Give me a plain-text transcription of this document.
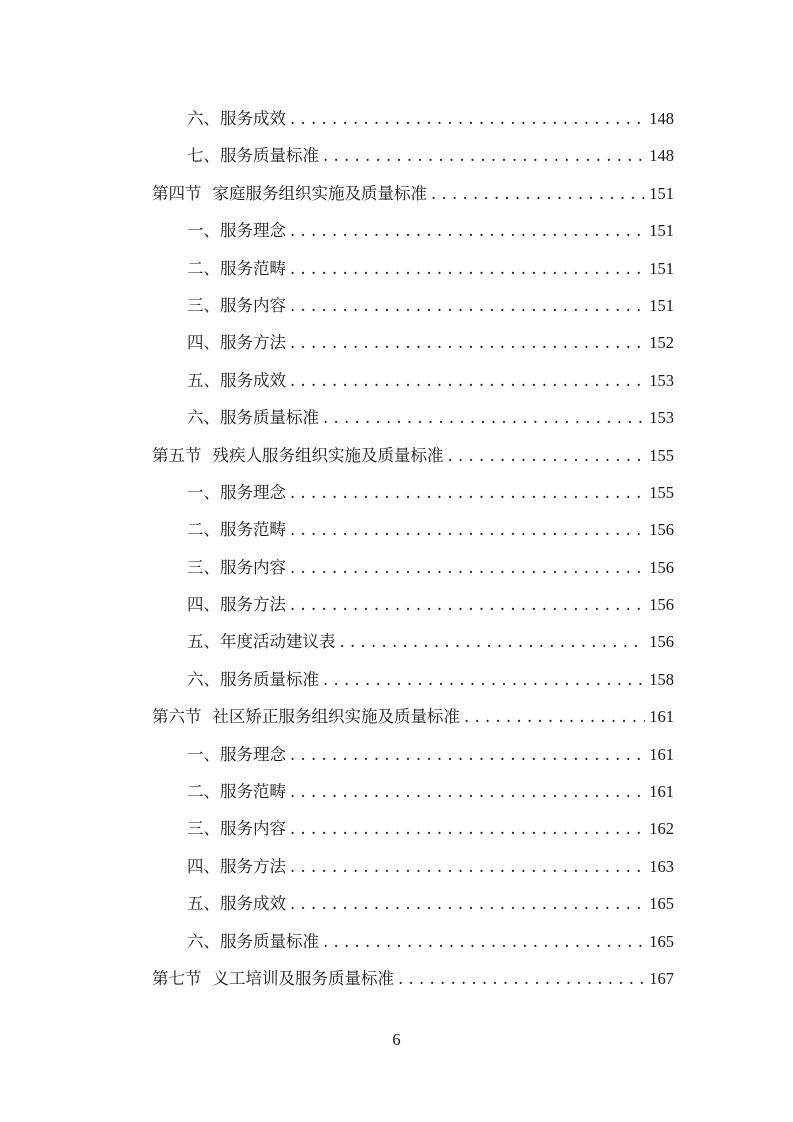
六、服务成效 . . .	148
七、服务质量标准 . . .	148
第四节 家庭服务组织实施及质量标准 . . .	151
一、服务理念 . . .	151
二、服务范畴 . . .	151
三、服务内容 . . .	151
四、服务方法 . . .	152
五、服务成效 . . .	153
六、服务质量标准 . . .	153
第五节 残疾人服务组织实施及质量标准 . . .	155
一、服务理念 . . .	155
二、服务范畴 . . .	156
三、服务内容 . . .	156
四、服务方法 . . .	156
五、年度活动建议表 . . .	156
六、服务质量标准 . . .	158
第六节 社区矫正服务组织实施及质量标准 . . .	161
一、服务理念 . . .	161
二、服务范畴 . . .	161
三、服务内容 . . .	162
四、服务方法 . . .	163
五、服务成效 . . .	165
六、服务质量标准 . . .	165
第七节 义工培训及服务质量标准 . . .	167
6
